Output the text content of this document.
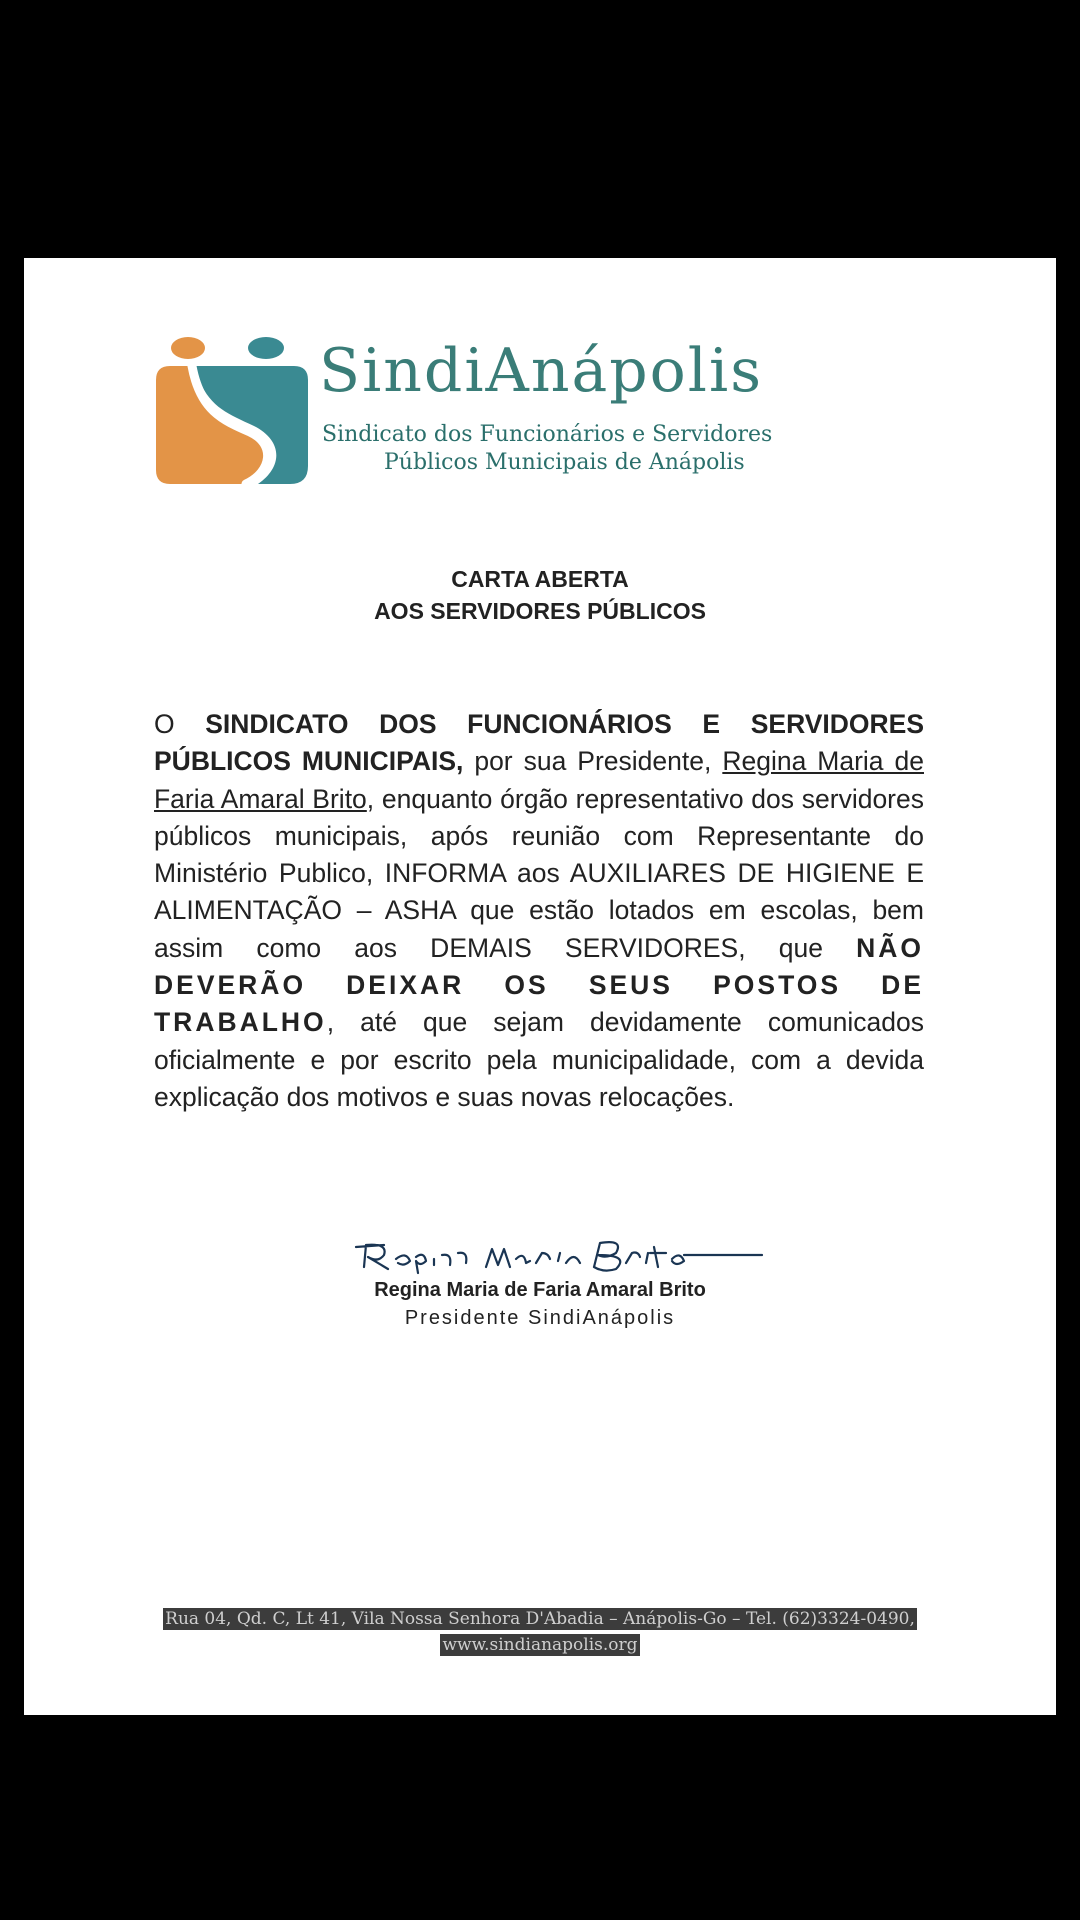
SindiAnápolis
Sindicato dos Funcionários e Servidores
Públicos Municipais de Anápolis
CARTA ABERTA
AOS SERVIDORES PÚBLICOS
O SINDICATO DOS FUNCIONÁRIOS E SERVIDORES PÚBLICOS MUNICIPAIS, por sua Presidente, Regina Maria de Faria Amaral Brito, enquanto órgão representativo dos servidores públicos municipais, após reunião com Representante do Ministério Publico, INFORMA aos AUXILIARES DE HIGIENE E ALIMENTAÇÃO – ASHA que estão lotados em escolas, bem assim como aos DEMAIS SERVIDORES, que NÃO DEVERÃO DEIXAR OS SEUS POSTOS DE TRABALHO, até que sejam devidamente comunicados oficialmente e por escrito pela municipalidade, com a devida explicação dos motivos e suas novas relocações.
Regina Maria de Faria Amaral Brito
Presidente SindiAnápolis
Rua 04, Qd. C, Lt 41, Vila Nossa Senhora D'Abadia – Anápolis-Go – Tel. (62)3324-0490,
www.sindianapolis.org
